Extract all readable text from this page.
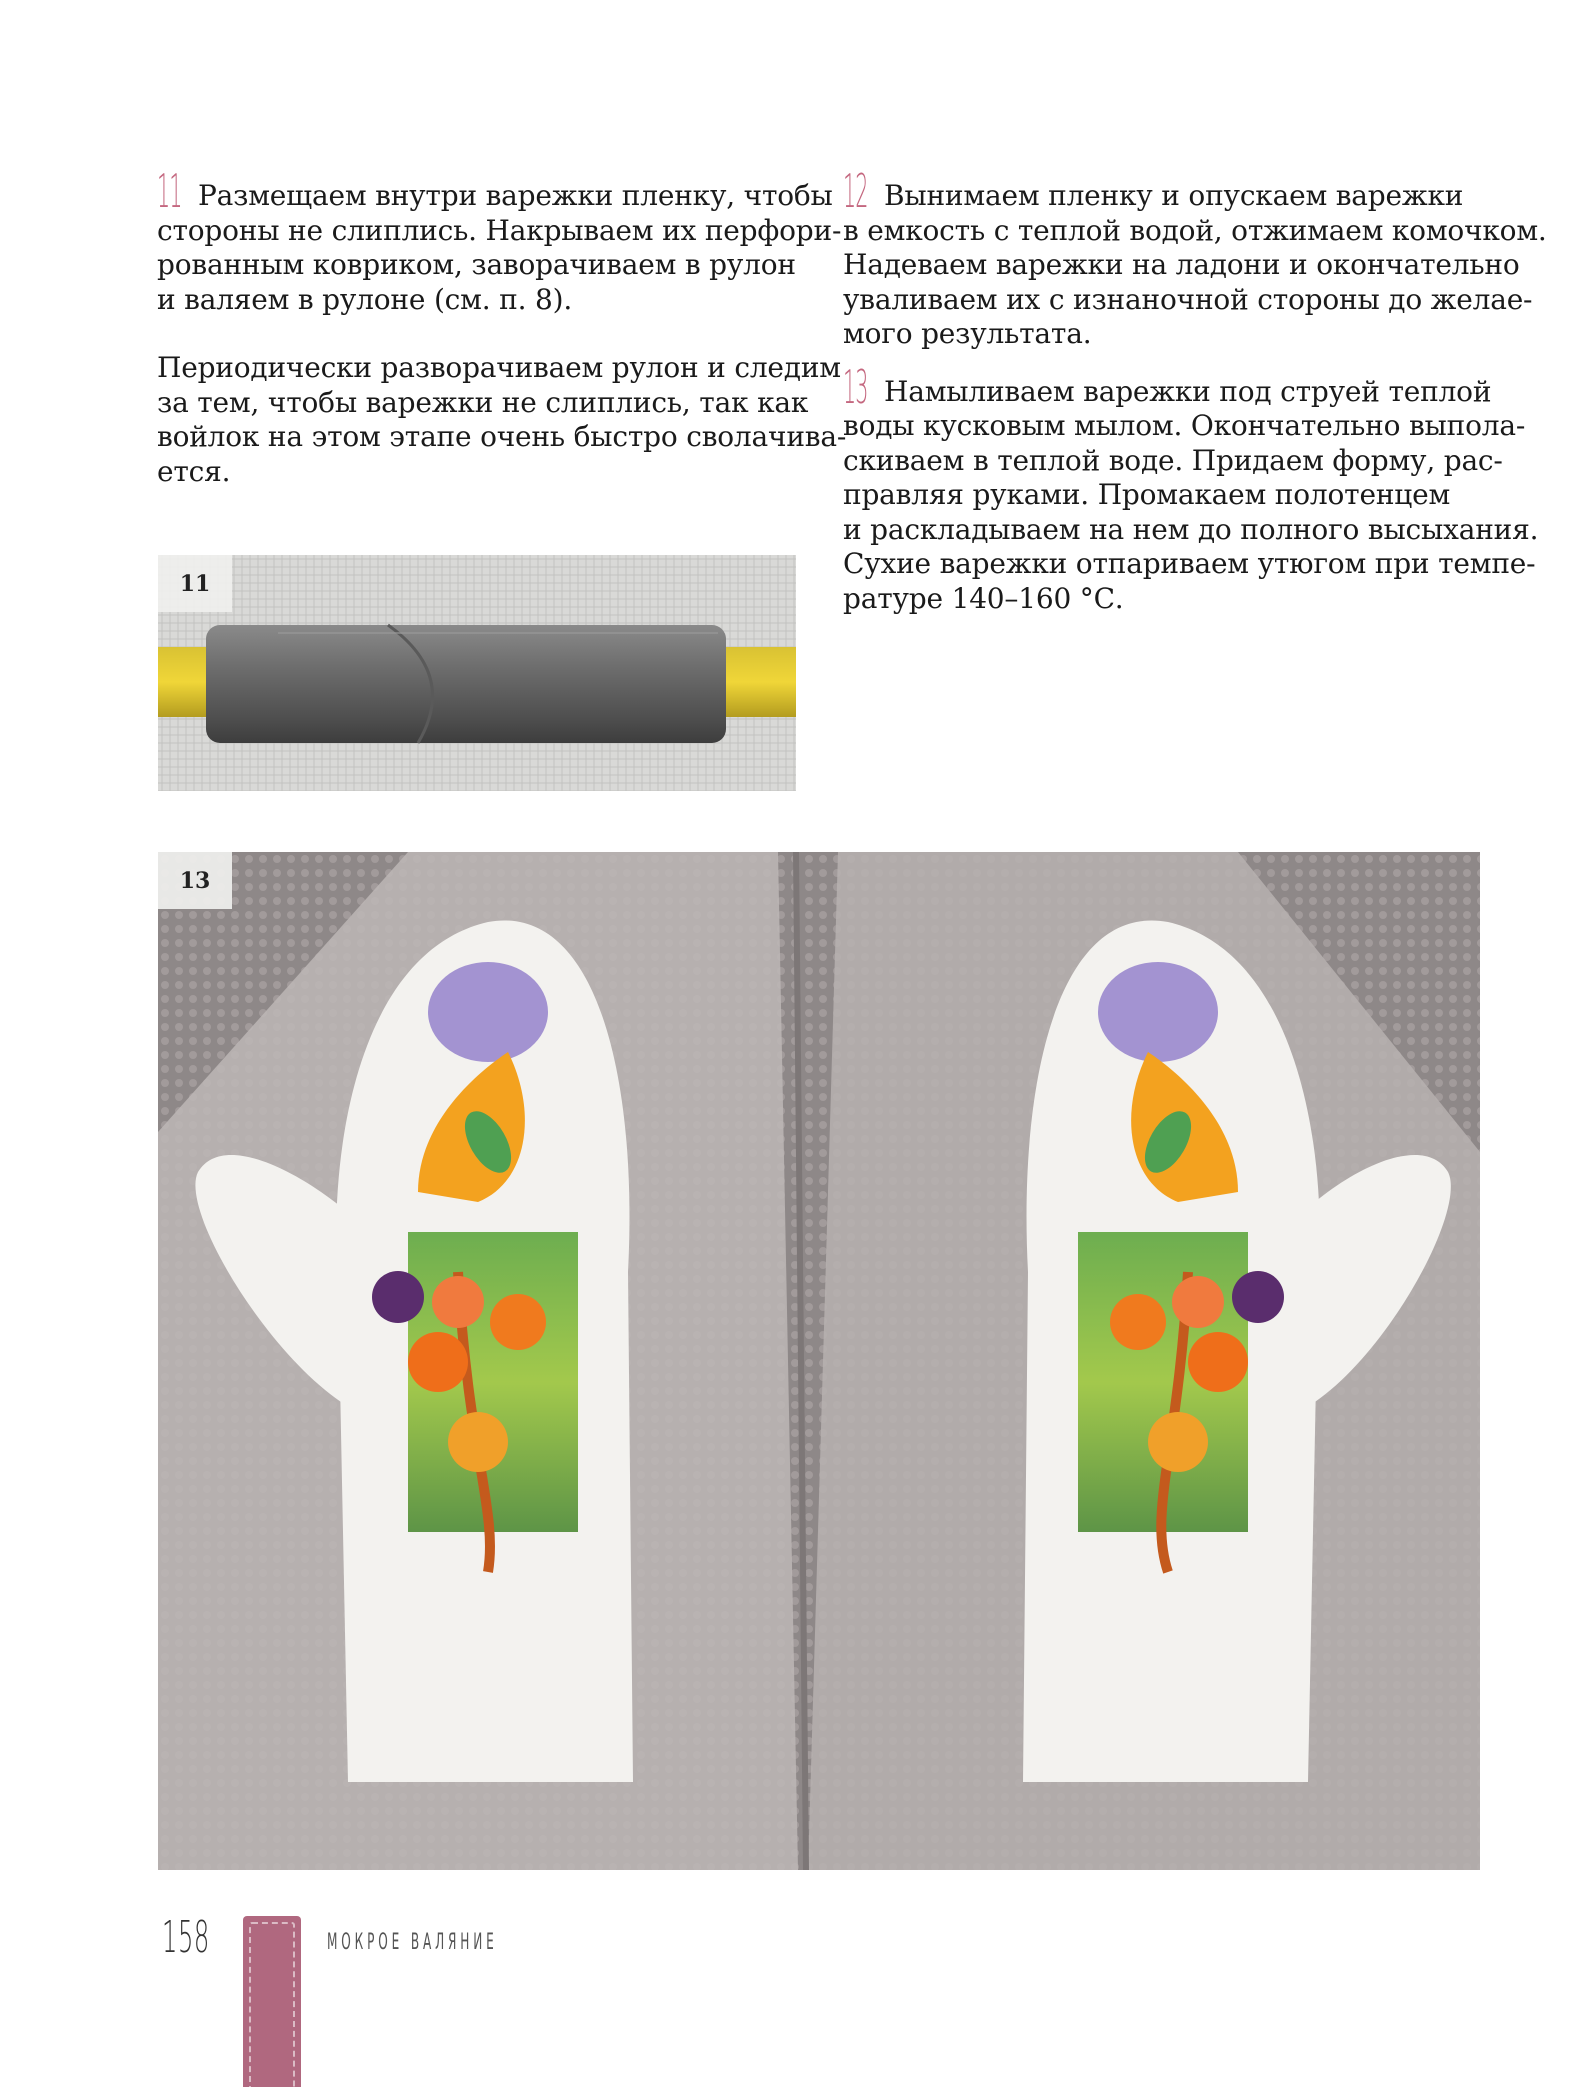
11 Размещаем внутри варежки пленку, чтобы
стороны не слиплись. Накрываем их перфори-
рованным ковриком, заворачиваем в рулон
и валяем в рулоне (см. п. 8).

Периодически разворачиваем рулон и следим
за тем, чтобы варежки не слиплись, так как
войлок на этом этапе очень быстро сволачива-
ется.

12 Вынимаем пленку и опускаем варежки
в емкость с теплой водой, отжимаем комочком.
Надеваем варежки на ладони и окончательно
уваливаем их с изнаночной стороны до желае-
мого результата.

13 Намыливаем варежки под струей теплой
воды кусковым мылом. Окончательно выпола-
скиваем в теплой воде. Придаем форму, рас-
правляя руками. Промакаем полотенцем
и раскладываем на нем до полного высыхания.
Сухие варежки отпариваем утюгом при темпе-
ратуре 140–160 °С.

11
13
158	МОКРОЕ ВАЛЯНИЕ
